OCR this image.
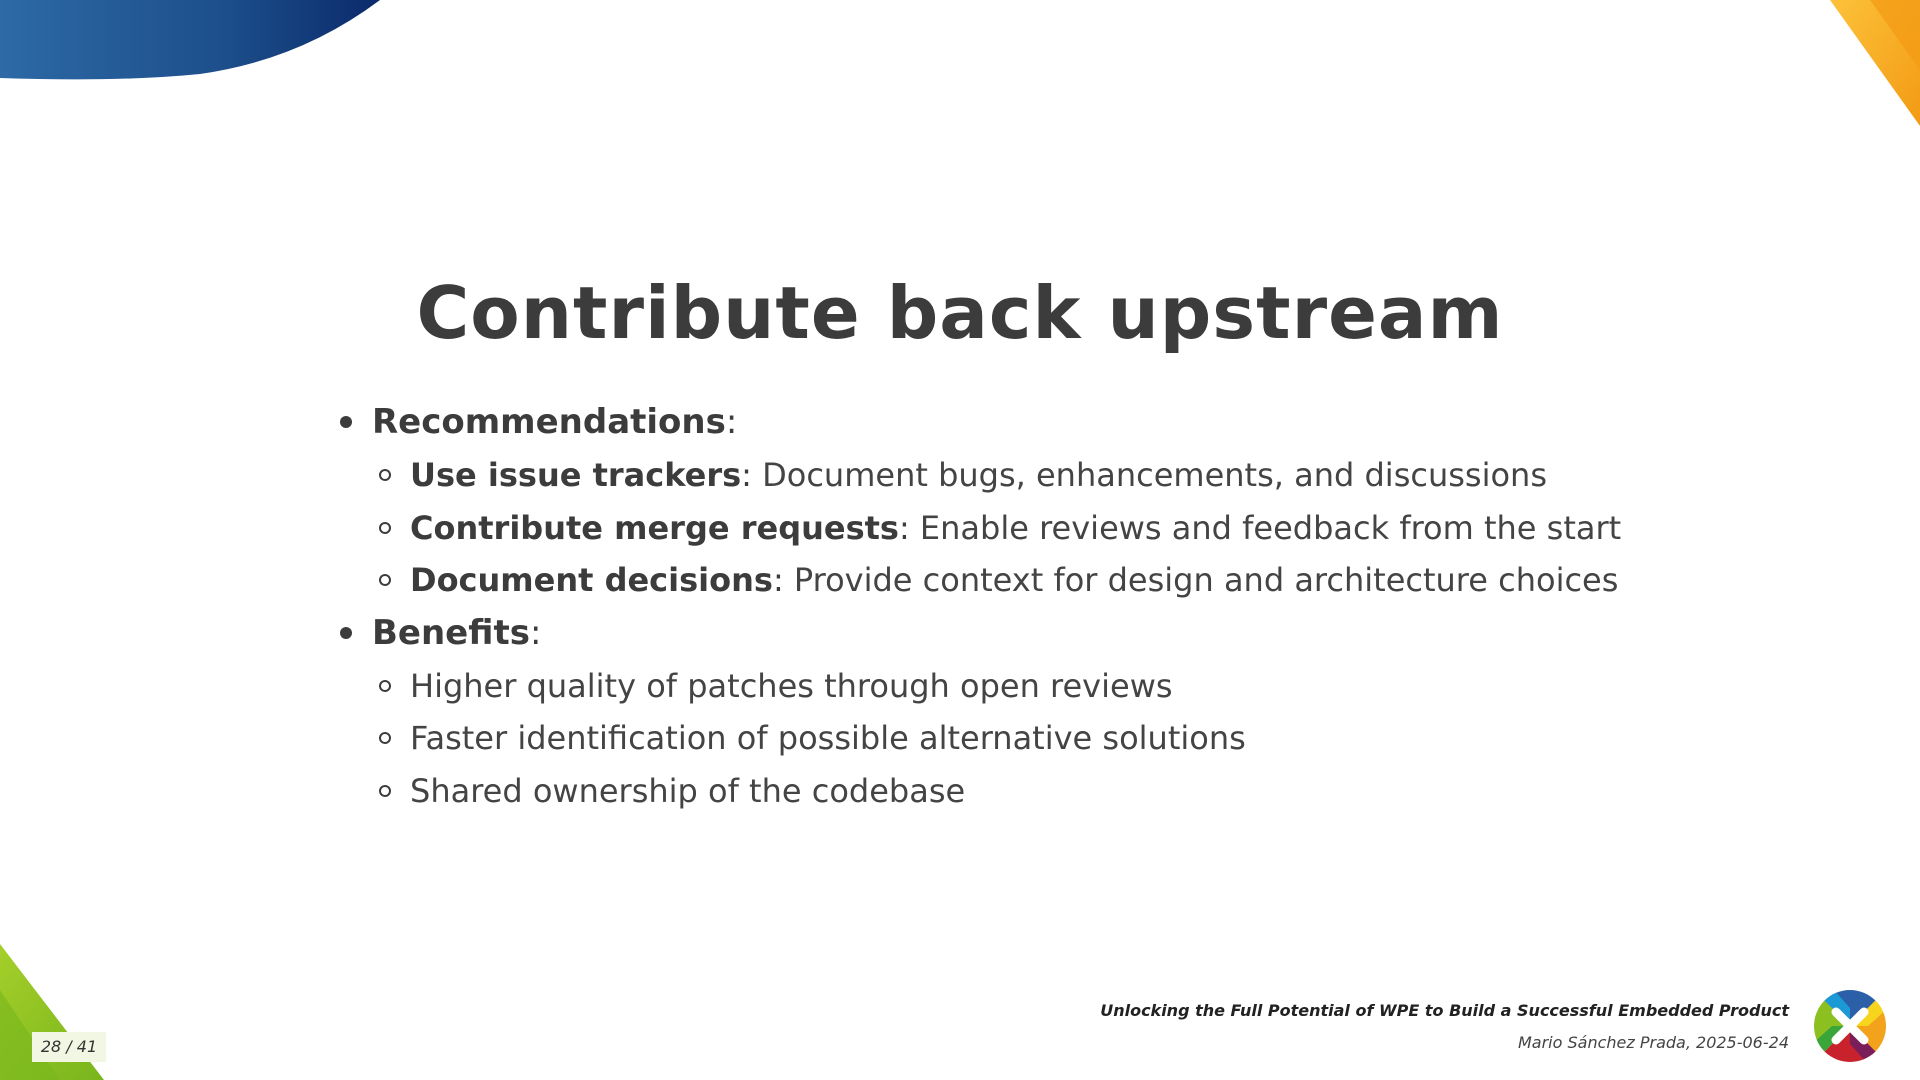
Contribute back upstream
Recommendations:
Use issue trackers: Document bugs, enhancements, and discussions
Contribute merge requests: Enable reviews and feedback from the start
Document decisions: Provide context for design and architecture choices
Benefits:
Higher quality of patches through open reviews
Faster identification of possible alternative solutions
Shared ownership of the codebase
Unlocking the Full Potential of WPE to Build a Successful Embedded Product
Mario Sánchez Prada, 2025-06-24
28 / 41
